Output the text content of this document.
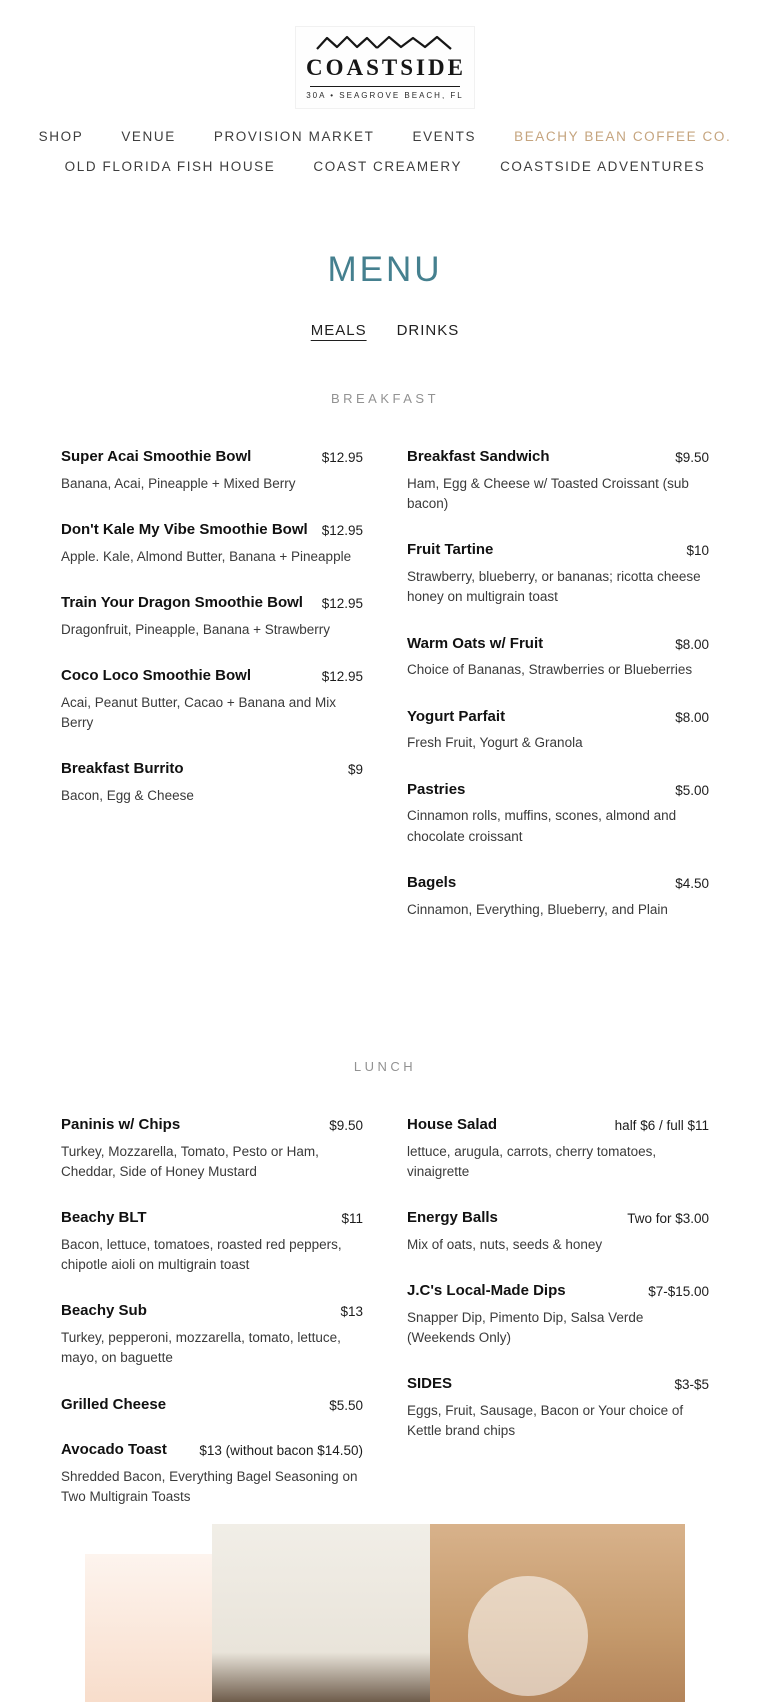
COASTSIDE
30A • SEAGROVE BEACH, FL
SHOP	VENUE	PROVISION MARKET	EVENTS	BEACHY BEAN COFFEE CO.
OLD FLORIDA FISH HOUSE	COAST CREAMERY	COASTSIDE ADVENTURES
MENU
MEALS DRINKS
BREAKFAST
Super Acai Smoothie Bowl	$12.95
Banana, Acai, Pineapple + Mixed Berry
Don't Kale My Vibe Smoothie Bowl $12.95
Apple. Kale, Almond Butter, Banana + Pineapple
Train Your Dragon Smoothie Bowl $12.95
Dragonfruit, Pineapple, Banana + Strawberry
Coco Loco Smoothie Bowl	$12.95
Acai, Peanut Butter, Cacao + Banana and Mix Berry
Breakfast Burrito	$9
Bacon, Egg & Cheese
Breakfast Sandwich	$9.50
Ham, Egg & Cheese w/ Toasted Croissant (sub bacon)
Fruit Tartine	$10
Strawberry, blueberry, or bananas; ricotta cheese honey on multigrain toast
Warm Oats w/ Fruit	$8.00
Choice of Bananas, Strawberries or Blueberries
Yogurt Parfait	$8.00
Fresh Fruit, Yogurt & Granola
Pastries	$5.00
Cinnamon rolls, muffins, scones, almond and chocolate croissant
Bagels	$4.50
Cinnamon, Everything, Blueberry, and Plain
LUNCH
Paninis w/ Chips	$9.50
Turkey, Mozzarella, Tomato, Pesto or Ham, Cheddar, Side of Honey Mustard
Beachy BLT	$11
Bacon, lettuce, tomatoes, roasted red peppers, chipotle aioli on multigrain toast
Beachy Sub	$13
Turkey, pepperoni, mozzarella, tomato, lettuce, mayo, on baguette
Grilled Cheese	$5.50
Avocado Toast $13 (without bacon $14.50)
Shredded Bacon, Everything Bagel Seasoning on Two Multigrain Toasts
House Salad	half $6 / full $11
lettuce, arugula, carrots, cherry tomatoes, vinaigrette
Energy Balls	Two for $3.00
Mix of oats, nuts, seeds & honey
J.C's Local-Made Dips	$7-$15.00
Snapper Dip, Pimento Dip, Salsa Verde (Weekends Only)
SIDES	$3-$5
Eggs, Fruit, Sausage, Bacon or Your choice of Kettle brand chips
